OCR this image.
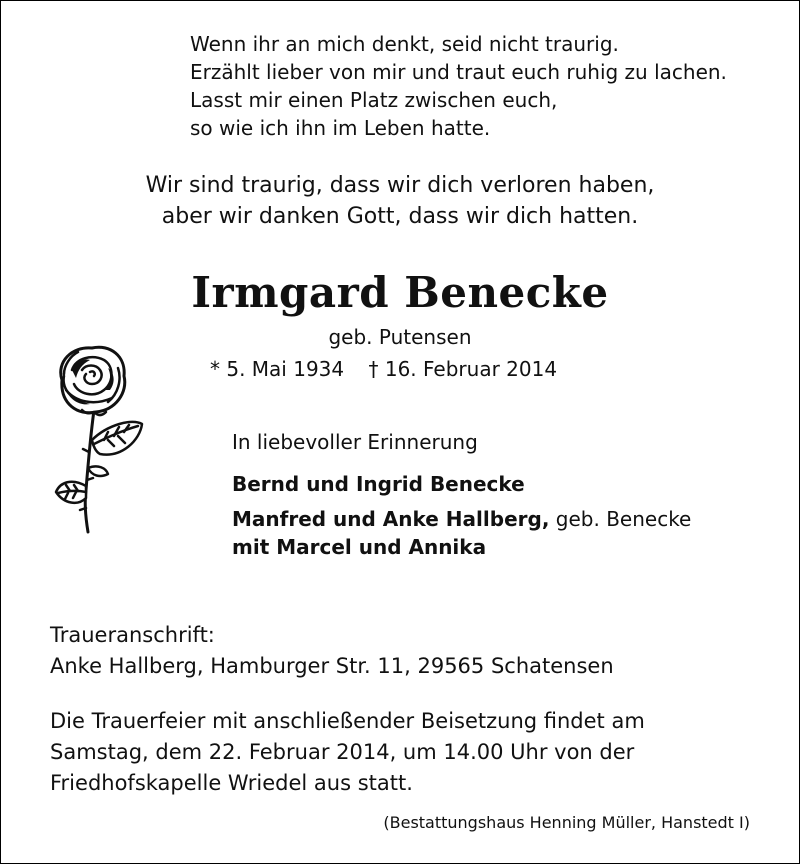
Wenn ihr an mich denkt, seid nicht traurig.
Erzählt lieber von mir und traut euch ruhig zu lachen.
Lasst mir einen Platz zwischen euch,
so wie ich ihn im Leben hatte.
Wir sind traurig, dass wir dich verloren haben,
aber wir danken Gott, dass wir dich hatten.
Irmgard Benecke
geb. Putensen
* 5. Mai 1934 † 16. Februar 2014
In liebevoller Erinnerung
Bernd und Ingrid Benecke
Manfred und Anke Hallberg, geb. Benecke
mit Marcel und Annika
Traueranschrift:
Anke Hallberg, Hamburger Str. 11, 29565 Schatensen
Die Trauerfeier mit anschließender Beisetzung findet am
Samstag, dem 22. Februar 2014, um 14.00 Uhr von der
Friedhofskapelle Wriedel aus statt.
(Bestattungshaus Henning Müller, Hanstedt I)
